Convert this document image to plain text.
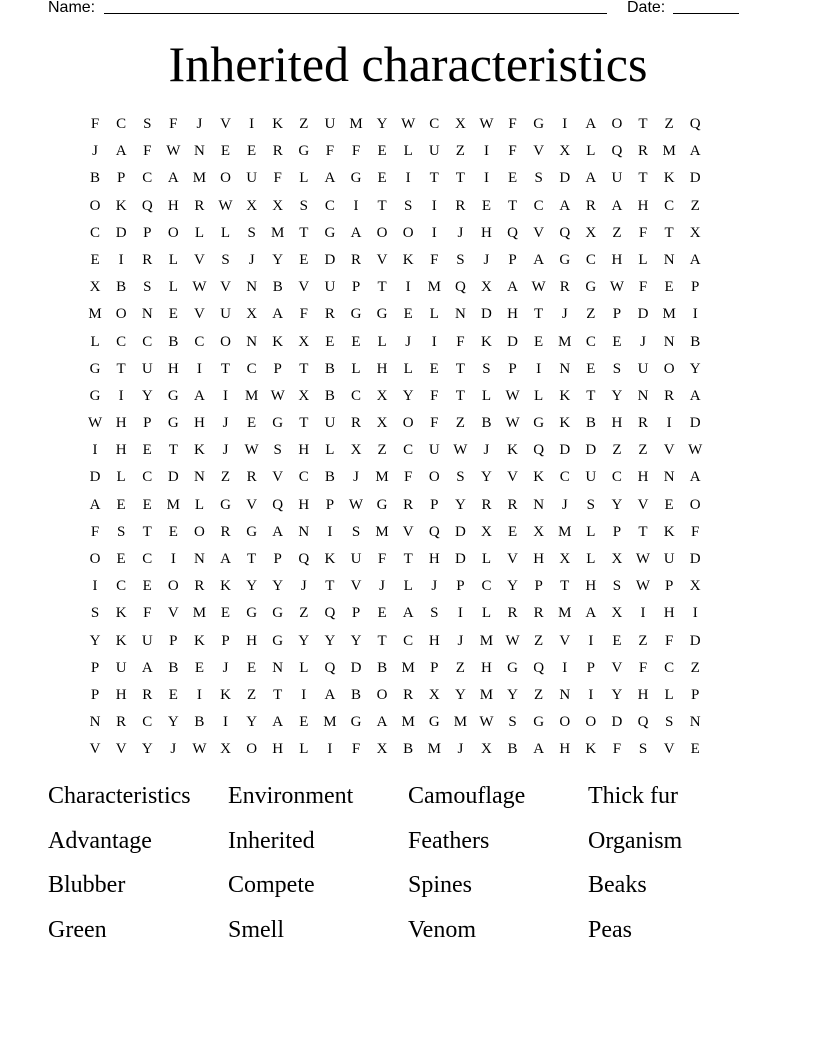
Name:	Date:
Inherited characteristics
F	C	S	F	J	V	I	K	Z	U M Y W C	X W F	G	I	A	O	T	Z	Q
J	A	F W N	E	E	R	G	F	F	E	L	U	Z	I	F	V	X	L	Q	R M A
B	P	C	A M O	U	F	L	A	G	E	I	T	T	I	E	S	D	A	U	T	K	D
O	K	Q	H	R W X	X	S	C	I	T	S	I	R	E	T	C	A	R	A	H	C	Z
C	D	P	O	L	L	S	M T	G	A	O	O	I	J	H	Q	V	Q	X	Z	F	T	X
E	I	R	L	V	S	J	Y	E	D	R	V	K	F	S	J	P	A	G	C	H	L	N	A
X	B	S	L W V	N	B	V	U	P	T	I	M Q	X	A W R	G W F	E	P
M O	N	E	V	U	X	A	F	R	G	G	E	L	N	D	H	T	J	Z	P	D M	I
L	C	C	B	C	O	N	K	X	E	E	L	J	I	F	K	D	E M C	E	J	N	B
G	T	U	H	I	T	C	P	T	B	L	H	L	E	T	S	P	I	N	E	S	U	O	Y
G	I	Y	G	A	I	M W X	B	C	X	Y	F	T	L W L	K	T	Y	N	R	A
W H	P	G	H	J	E	G	T	U	R	X	O	F	Z	B W G	K	B	H	R	I	D
I	H	E	T	K	J	W S	H	L	X	Z	C	U W	J	K	Q	D	D	Z	Z	V W
D	L	C	D	N	Z	R	V	C	B	J	M	F	O	S	Y	V	K	C	U	C	H	N	A
A	E	E M L	G	V	Q	H	P W G	R	P	Y	R	R	N	J	S	Y	V	E	O
F	S	T	E	O	R	G	A	N	I	S	M V	Q	D	X	E	X M L	P	T	K	F
O	E	C	I	N	A	T	P	Q	K	U	F	T	H	D	L	V	H	X	L	X W U	D
I	C	E	O	R	K	Y	Y	J	T	V	J	L	J	P	C	Y	P	T	H	S W P	X
S	K	F	V M E	G	G	Z	Q	P	E	A	S	I	L	R	R M A	X	I	H	I
Y	K	U	P	K	P	H	G	Y	Y	Y	T	C	H	J	M W Z	V	I	E	Z	F	D
P	U	A	B	E	J	E	N	L	Q	D	B M	P	Z	H	G	Q	I	P	V	F	C	Z
P	H	R	E	I	K	Z	T	I	A	B	O	R	X	Y M Y	Z	N	I	Y	H	L	P
N	R	C	Y	B	I	Y	A	E M G	A M G M W S	G	O	O	D	Q	S	N
V	V	Y	J	W X	O	H	L	I	F	X	B M	J	X	B	A	H	K	F	S	V	E
Characteristics	Environment	Camouflage	Thick fur
Advantage	Inherited	Feathers	Organism
Blubber	Compete	Spines	Beaks
Green	Smell	Venom	Peas
